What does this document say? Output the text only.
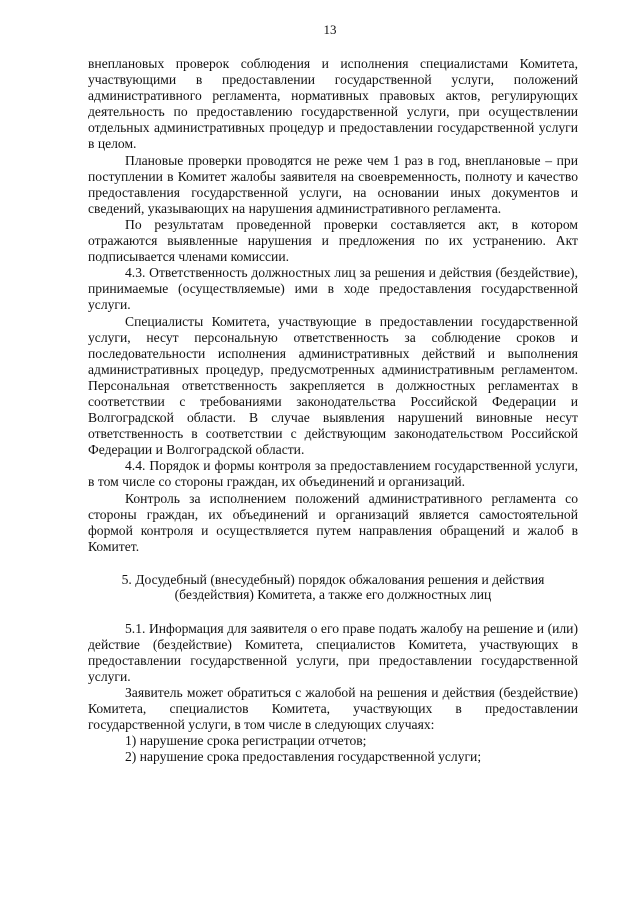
13

внеплановых проверок соблюдения и исполнения специалистами Комитета, участвующими в предоставлении государственной услуги, положений административного регламента, нормативных правовых актов, регулирующих деятельность по предоставлению государственной услуги, при осуществлении отдельных административных процедур и предоставлении государственной услуги в целом.

Плановые проверки проводятся не реже чем 1 раз в год, внеплановые – при поступлении в Комитет жалобы заявителя на своевременность, полноту и качество предоставления государственной услуги, на основании иных документов и сведений, указывающих на нарушения административного регламента.

По результатам проведенной проверки составляется акт, в котором отражаются выявленные нарушения и предложения по их устранению. Акт подписывается членами комиссии.

4.3. Ответственность должностных лиц за решения и действия (бездействие), принимаемые (осуществляемые) ими в ходе предоставления государственной услуги.

Специалисты Комитета, участвующие в предоставлении государственной услуги, несут персональную ответственность за соблюдение сроков и последовательности исполнения административных действий и выполнения административных процедур, предусмотренных административным регламентом. Персональная ответственность закрепляется в должностных регламентах в соответствии с требованиями законодательства Российской Федерации и Волгоградской области. В случае выявления нарушений виновные несут ответственность в соответствии с действующим законодательством Российской Федерации и Волгоградской области.

4.4. Порядок и формы контроля за предоставлением государственной услуги, в том числе со стороны граждан, их объединений и организаций.

Контроль за исполнением положений административного регламента со стороны граждан, их объединений и организаций является самостоятельной формой контроля и осуществляется путем направления обращений и жалоб в Комитет.

5. Досудебный (внесудебный) порядок обжалования решения и действия
(бездействия) Комитета, а также его должностных лиц

5.1. Информация для заявителя о его праве подать жалобу на решение и (или) действие (бездействие) Комитета, специалистов Комитета, участвующих в предоставлении государственной услуги, при предоставлении государственной услуги.

Заявитель может обратиться с жалобой на решения и действия (бездействие) Комитета, специалистов Комитета, участвующих в предоставлении государственной услуги, в том числе в следующих случаях:

1) нарушение срока регистрации отчетов;

2) нарушение срока предоставления государственной услуги;
